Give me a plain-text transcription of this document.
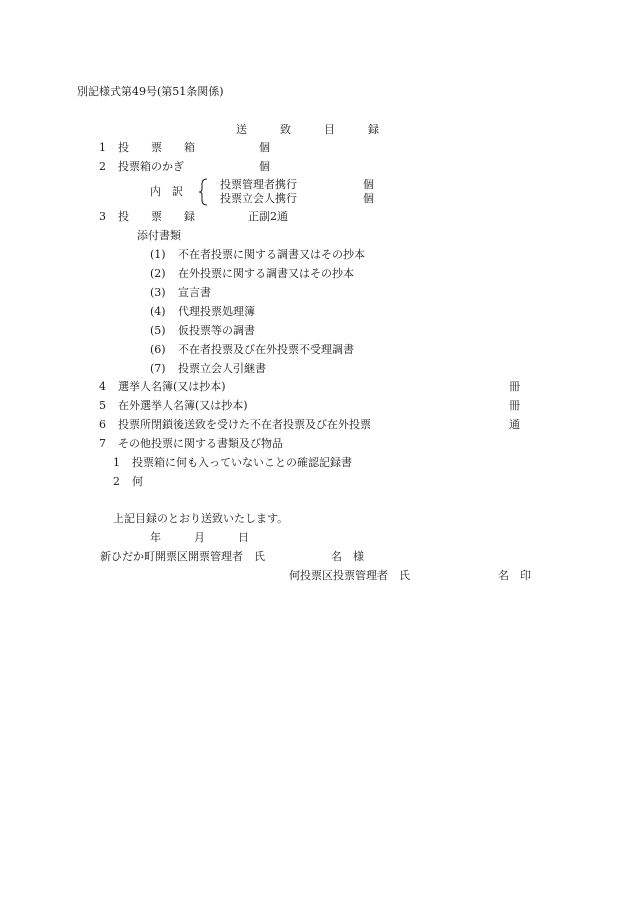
別記様式第49号(第51条関係)
送　　　致　　　目　　　録
1 投　　票　　箱	個
2 投票箱のかぎ	個
内　訳
投票管理者携行	個
投票立会人携行	個
3 投　　票　　録	正副2通
添付書類
(1) 不在者投票に関する調書又はその抄本
(2) 在外投票に関する調書又はその抄本
(3) 宣言書
(4) 代理投票処理簿
(5) 仮投票等の調書
(6) 不在者投票及び在外投票不受理調書
(7) 投票立会人引継書
4 選挙人名簿(又は抄本)	冊
5 在外選挙人名簿(又は抄本)	冊
6 投票所閉鎖後送致を受けた不在者投票及び在外投票	通
7 その他投票に関する書類及び物品
1 投票箱に何も入っていないことの確認記録書
2 何
上記目録のとおり送致いたします。
年　　　月　　　日
新ひだか町開票区開票管理者　氏　　　　　　名　様
何投票区投票管理者　氏　　　　　　　　名　印
